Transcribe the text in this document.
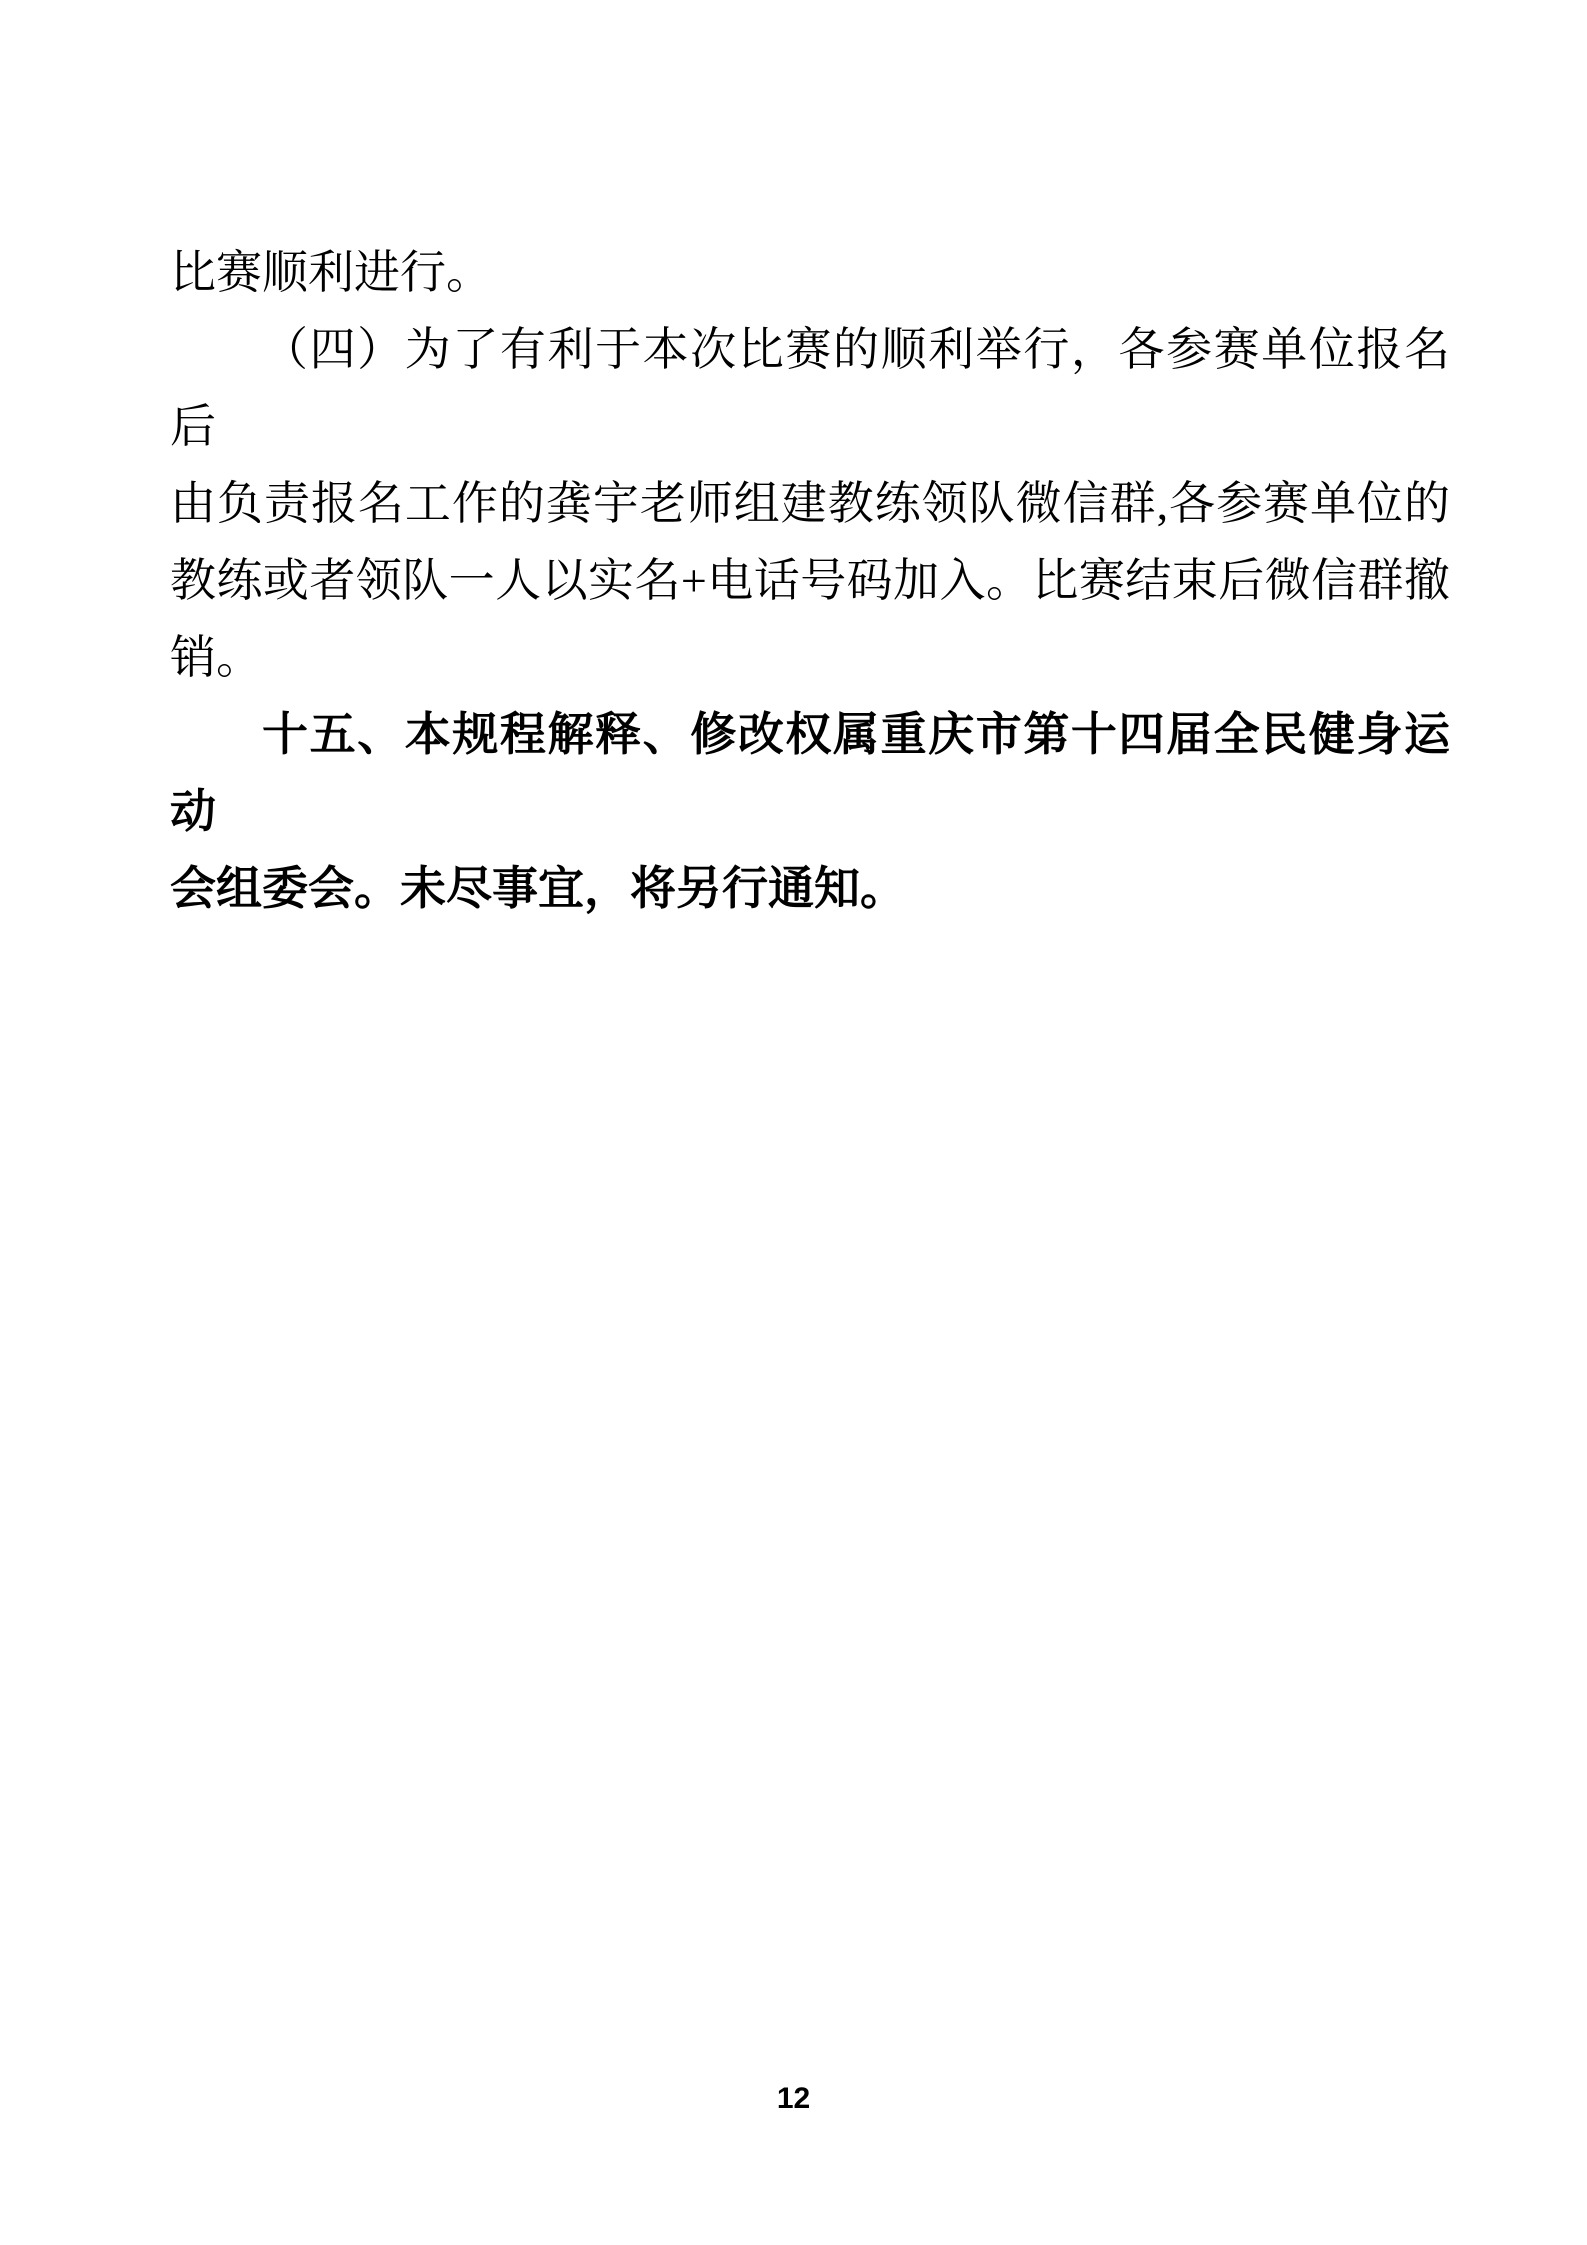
比赛顺利进行。
（四）为了有利于本次比赛的顺利举行，各参赛单位报名后
由负责报名工作的龚宇老师组建教练领队微信群,各参赛单位的
教练或者领队一人以实名+电话号码加入。比赛结束后微信群撤
销。
十五、本规程解释、修改权属重庆市第十四届全民健身运动
会组委会。未尽事宜，将另行通知。
12
